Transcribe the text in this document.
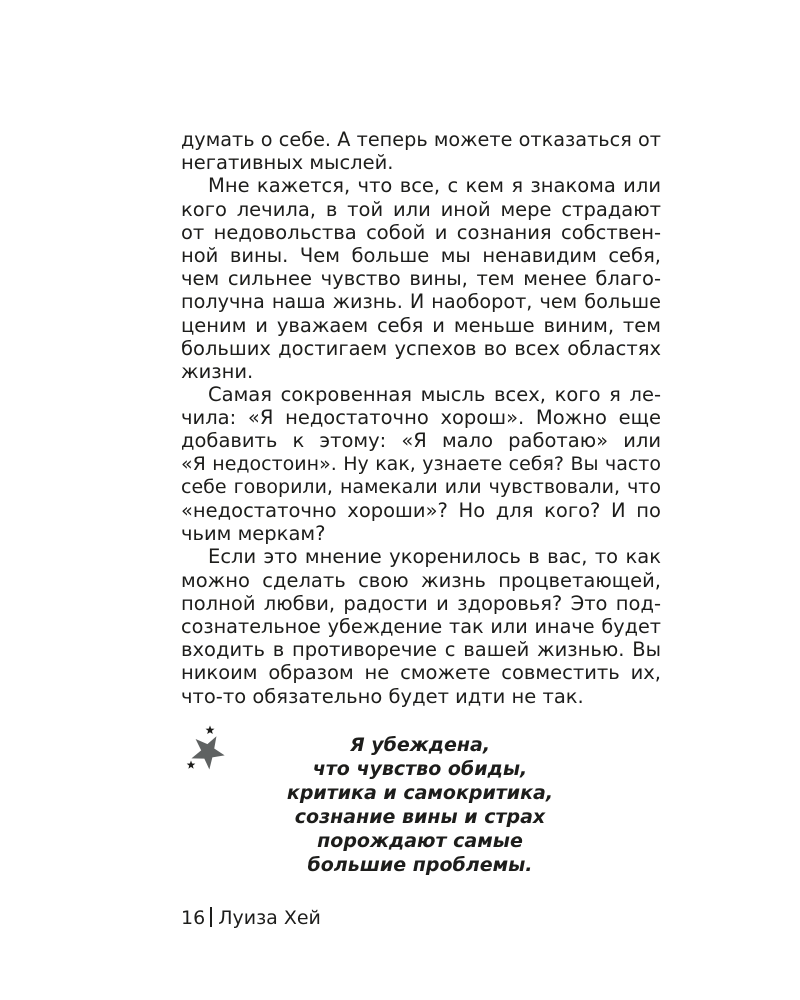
думать о себе. А теперь можете отказаться от
негативных мыслей.
Мне кажется, что все, с кем я знакома или
кого лечила, в той или иной мере страдают
от недовольства собой и сознания собствен-
ной вины. Чем больше мы ненавидим себя,
чем сильнее чувство вины, тем менее благо-
получна наша жизнь. И наоборот, чем больше
ценим и уважаем себя и меньше виним, тем
больших достигаем успехов во всех областях
жизни.
Самая сокровенная мысль всех, кого я ле-
чила: «Я недостаточно хорош». Можно еще
добавить к этому: «Я мало работаю» или
«Я недостоин». Ну как, узнаете себя? Вы часто
себе говорили, намекали или чувствовали, что
«недостаточно хороши»? Но для кого? И по
чьим меркам?
Если это мнение укоренилось в вас, то как
можно сделать свою жизнь процветающей,
полной любви, радости и здоровья? Это под-
сознательное убеждение так или иначе будет
входить в противоречие с вашей жизнью. Вы
никоим образом не сможете совместить их,
что-то обязательно будет идти не так.
Я убеждена,
что чувство обиды,
критика и самокритика,
сознание вины и страх
порождают самые
большие проблемы.
16 Луиза Хей
